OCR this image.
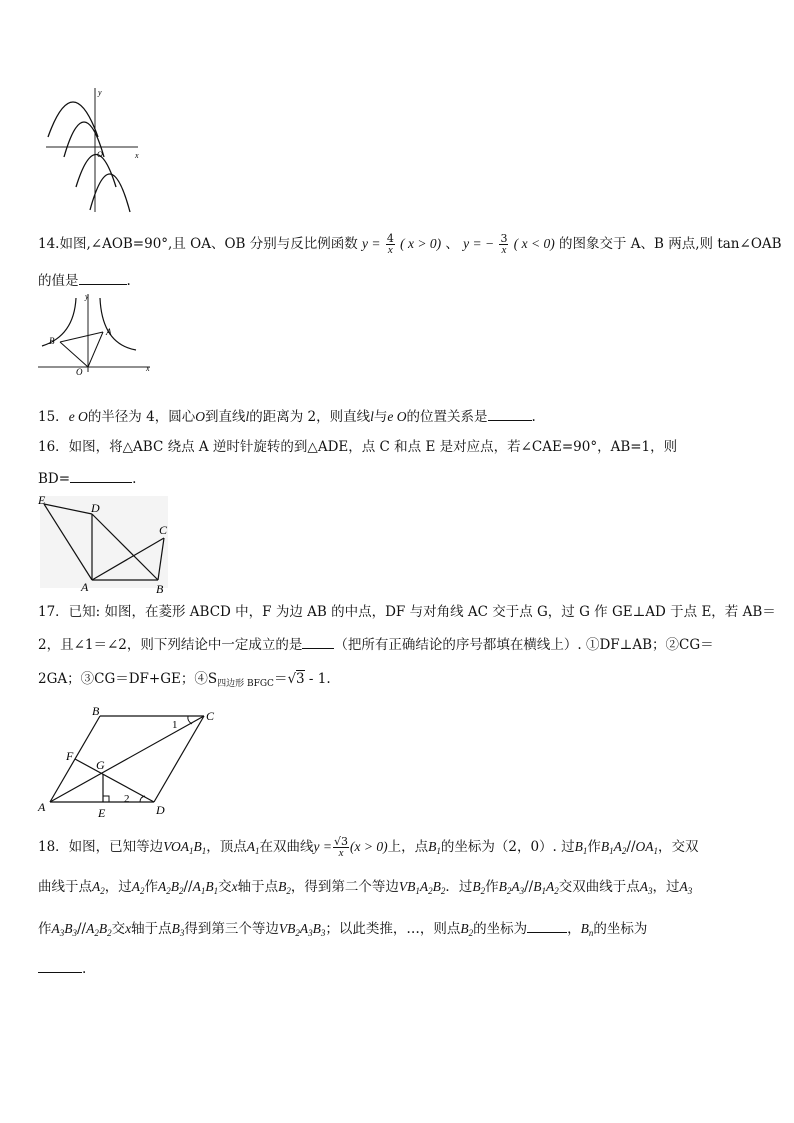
y
x
O
14.如图,∠AOB=90°,且 OA、OB 分别与反比例函数 $y = \frac{4}{x}$ ( x > 0) 、 y = − $\frac{3}{x}$ ( x < 0) 的图象交于 A、B 两点,则 tan∠OAB
的值是	.
y
x
O
A
B
15．e O的半径为 4，圆心O到直线l的距离为 2，则直线l与e O的位置关系是	.
16．如图，将△ABC 绕点 A 逆时针旋转的到△ADE，点 C 和点 E 是对应点，若∠CAE=90°，AB=1，则
BD=	.
E
D
C
A	B
17．已知: 如图，在菱形 ABCD 中，F 为边 AB 的中点，DF 与对角线 AC 交于点 G，过 G 作 GE⊥AD 于点 E，若 AB＝
2，且∠1＝∠2，则下列结论中一定成立的是 （把所有正确结论的序号都填在横线上）. ①DF⊥AB；②CG＝
2GA；③CG＝DF+GE；$④S_{四边形 BFGC}=√3 - 1$.
B	C
F
G
A	E	D
1
2
18．如图，已知等边$VOA_1B_1$，顶点$A_1$在双曲线$y = \frac{√3}{x} (x > 0)$上，点$B_1$的坐标为（2，0）. 过$B_1$作$B_1A_2//OA_1$，交双
曲线于点$A_2$，过$A_2$作$A_2B_2//A_1B_1$交x轴于点$B_2$，得到第二个等边$VB_1A_2B_2$．过$B_2$作$B_2A_3//B_1A_2$交双曲线于点$A_3$，过$A_3$
作$A_3B_3//A_2B_2$交x轴于点$B_3$得到第三个等边$VB_2A_3B_3$；以此类推，…，则点$B_2$的坐标为	，$B_n$的坐标为
.
